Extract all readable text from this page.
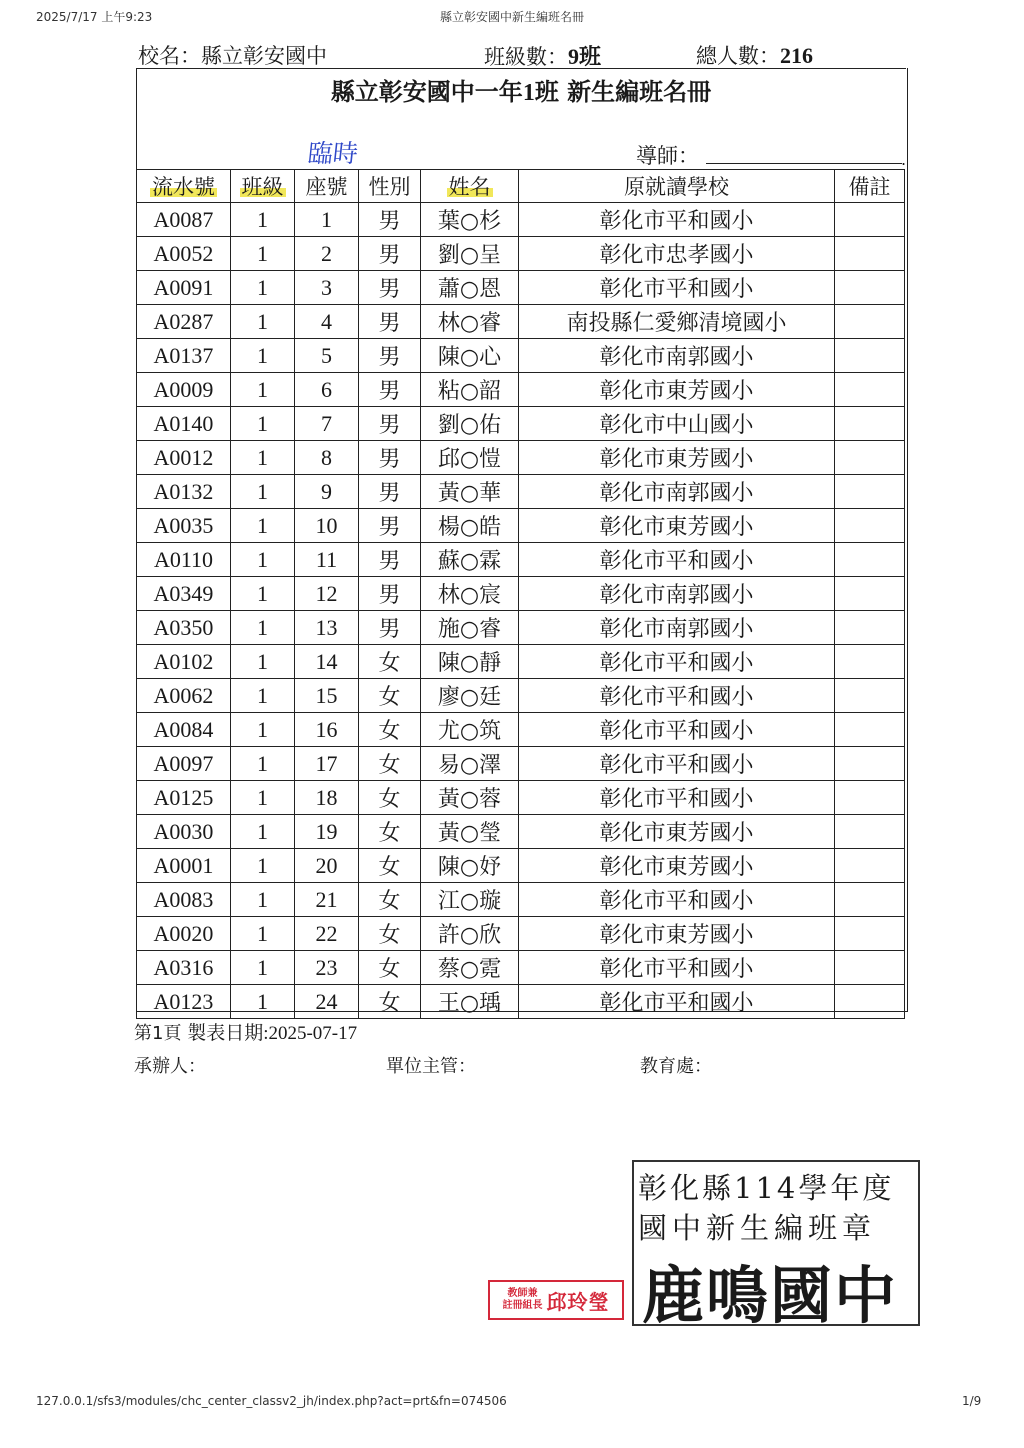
2025/7/17 上午9:23	縣立彰安國中新生編班名冊
校名：縣立彰安國中	班級數：9班	總人數：216
縣立彰安國中一年1班 新生編班名冊
臨時	導師：	.
流水號	班級	座號	性別	姓名	原就讀學校	備註
A0087	1	1	男	葉○杉	彰化市平和國小	
A0052	1	2	男	劉○呈	彰化市忠孝國小	
A0091	1	3	男	蕭○恩	彰化市平和國小	
A0287	1	4	男	林○睿	南投縣仁愛鄉清境國小	
A0137	1	5	男	陳○心	彰化市南郭國小	
A0009	1	6	男	粘○韶	彰化市東芳國小	
A0140	1	7	男	劉○佑	彰化市中山國小	
A0012	1	8	男	邱○愷	彰化市東芳國小	
A0132	1	9	男	黃○華	彰化市南郭國小	
A0035	1	10	男	楊○皓	彰化市東芳國小	
A0110	1	11	男	蘇○霖	彰化市平和國小	
A0349	1	12	男	林○宸	彰化市南郭國小	
A0350	1	13	男	施○睿	彰化市南郭國小	
A0102	1	14	女	陳○靜	彰化市平和國小	
A0062	1	15	女	廖○廷	彰化市平和國小	
A0084	1	16	女	尤○筑	彰化市平和國小	
A0097	1	17	女	易○澤	彰化市平和國小	
A0125	1	18	女	黃○蓉	彰化市平和國小	
A0030	1	19	女	黃○瑩	彰化市東芳國小	
A0001	1	20	女	陳○妤	彰化市東芳國小	
A0083	1	21	女	江○璇	彰化市平和國小	
A0020	1	22	女	許○欣	彰化市東芳國小	
A0316	1	23	女	蔡○霓	彰化市平和國小	
A0123	1	24	女	王○瑀	彰化市平和國小	
第1頁 製表日期:2025-07-17
承辦人：	單位主管：	教育處：
彰化縣114學年度
國中新生編班章
鹿鳴國中
教師兼
註冊組長 邱玲瑩
127.0.0.1/sfs3/modules/chc_center_classv2_jh/index.php?act=prt&fn=074506	1/9
